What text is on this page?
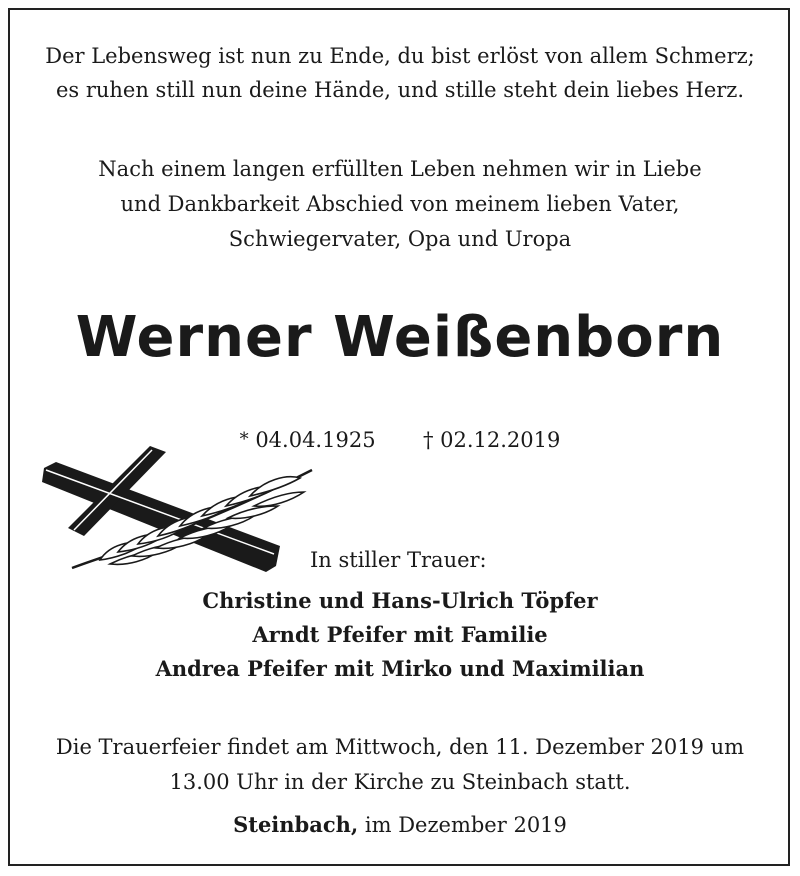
Der Lebensweg ist nun zu Ende, du bist erlöst von allem Schmerz;
es ruhen still nun deine Hände, und stille steht dein liebes Herz.
Nach einem langen erfüllten Leben nehmen wir in Liebe
und Dankbarkeit Abschied von meinem lieben Vater,
Schwiegervater, Opa und Uropa
Werner Weißenborn
* 04.04.1925 † 02.12.2019
In stiller Trauer:
Christine und Hans-Ulrich Töpfer
Arndt Pfeifer mit Familie
Andrea Pfeifer mit Mirko und Maximilian
Die Trauerfeier findet am Mittwoch, den 11. Dezember 2019 um
13.00 Uhr in der Kirche zu Steinbach statt.
Steinbach, im Dezember 2019
